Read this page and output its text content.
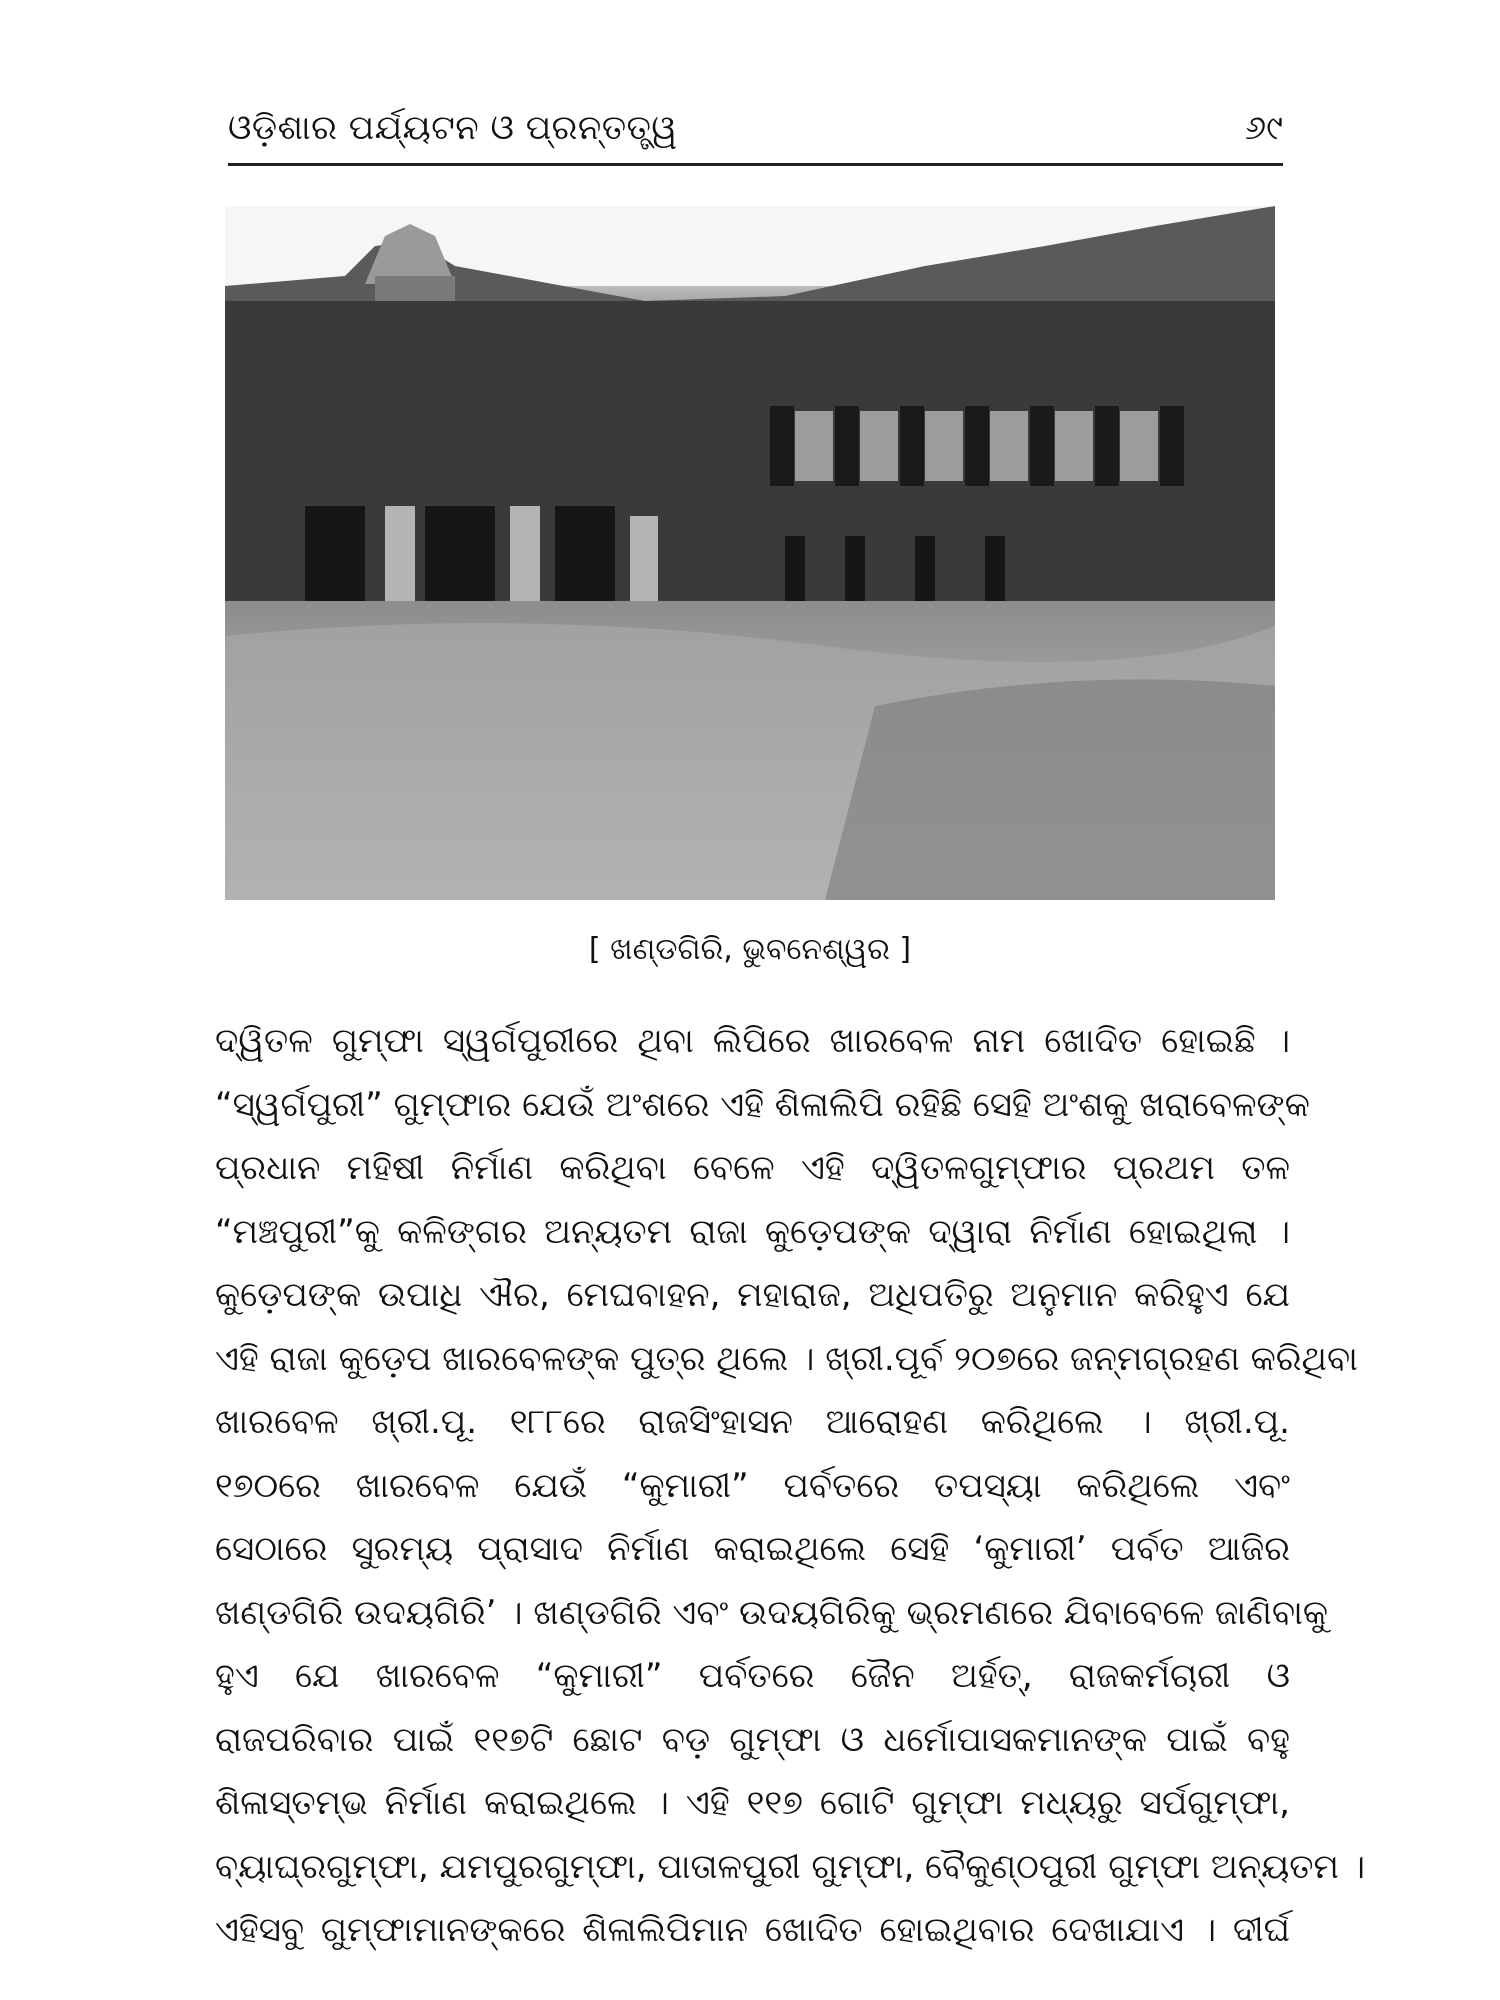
ଓଡ଼ିଶାର ପର୍ଯ୍ୟଟନ ଓ ପ୍ରନ୍ତତ୍ତ୍ୱ	୬୯
[ ଖଣ୍ଡଗିରି, ଭୁବନେଶ୍ୱର ]
ଦ୍ୱିତଳ ଗୁମ୍ଫା ସ୍ୱର୍ଗପୁରୀରେ ଥିବା ଲିପିରେ ଖାରବେଳ ନାମ ଖୋଦିତ ହୋଇଛି ।
“ସ୍ୱର୍ଗପୁରୀ” ଗୁମ୍ଫାର ଯେଉଁ ଅଂଶରେ ଏହି ଶିଳାଲିପି ରହିଛି ସେହି ଅଂଶକୁ ଖରାବେଳଙ୍କ
ପ୍ରଧାନ ମହିଷୀ ନିର୍ମାଣ କରିଥିବା ବେଳେ ଏହି ଦ୍ୱିତଳଗୁମ୍ଫାର ପ୍ରଥମ ତଳ
“ମଞ୍ଚପୁରୀ”କୁ କଳିଙ୍ଗର ଅନ୍ୟତମ ରାଜା କୁଡ଼େପଙ୍କ ଦ୍ୱାରା ନିର୍ମାଣ ହୋଇଥିଲା ।
କୁଡ଼େପଙ୍କ ଉପାଧି ଐର, ମେଘବାହନ, ମହାରାଜ, ଅଧିପତିରୁ ଅନୁମାନ କରିହୁଏ ଯେ
ଏହି ରାଜା କୁଡ଼େପ ଖାରବେଳଙ୍କ ପୁତ୍ର ଥିଲେ । ଖ୍ରୀ.ପୂର୍ବ ୨୦୭ରେ ଜନ୍ମଗ୍ରହଣ କରିଥିବା
ଖାରବେଳ ଖ୍ରୀ.ପୂ. ୧୮୮ରେ ରାଜସିଂହାସନ ଆରୋହଣ କରିଥିଲେ । ଖ୍ରୀ.ପୂ.
୧୭୦ରେ ଖାରବେଳ ଯେଉଁ “କୁମାରୀ” ପର୍ବତରେ ତପସ୍ୟା କରିଥିଲେ ଏବଂ
ସେଠାରେ ସୁରମ୍ୟ ପ୍ରାସାଦ ନିର୍ମାଣ କରାଇଥିଲେ ସେହି ‘କୁମାରୀ’ ପର୍ବତ ଆଜିର
ଖଣ୍ଡଗିରି ଉଦୟଗିରି’ । ଖଣ୍ଡଗିରି ଏବଂ ଉଦୟଗିରିକୁ ଭ୍ରମଣରେ ଯିବାବେଳେ ଜାଣିବାକୁ
ହୁଏ ଯେ ଖାରବେଳ “କୁମାରୀ” ପର୍ବତରେ ଜୈନ ଅର୍ହତ୍, ରାଜକର୍ମଚାରୀ ଓ
ରାଜପରିବାର ପାଇଁ ୧୧୭ଟି ଛୋଟ ବଡ଼ ଗୁମ୍ଫା ଓ ଧର୍ମୋପାସକମାନଙ୍କ ପାଇଁ ବହୁ
ଶିଳାସ୍ତମ୍ଭ ନିର୍ମାଣ କରାଇଥିଲେ । ଏହି ୧୧୭ ଗୋଟି ଗୁମ୍ଫା ମଧ୍ୟରୁ ସର୍ପଗୁମ୍ଫା,
ବ୍ୟାଘ୍ରଗୁମ୍ଫା, ଯମପୁରଗୁମ୍ଫା, ପାତାଳପୁରୀ ଗୁମ୍ଫା, ବୈକୁଣ୍ଠପୁରୀ ଗୁମ୍ଫା ଅନ୍ୟତମ ।
ଏହିସବୁ ଗୁମ୍ଫାମାନଙ୍କରେ ଶିଳାଲିପିମାନ ଖୋଦିତ ହୋଇଥିବାର ଦେଖାଯାଏ । ଦୀର୍ଘ
